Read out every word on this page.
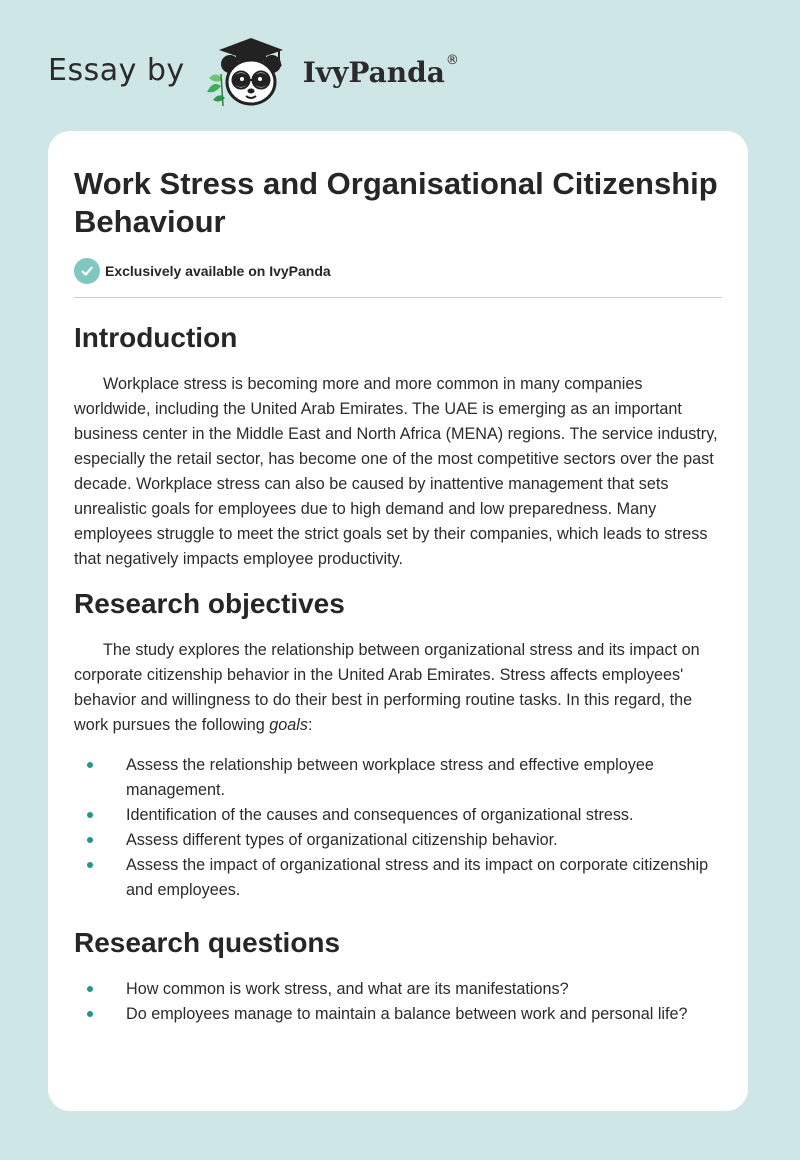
Essay by	IvyPanda ®
Work Stress and Organisational Citizenship Behaviour
Exclusively available on IvyPanda
Introduction

Workplace stress is becoming more and more common in many companies worldwide, including the United Arab Emirates. The UAE is emerging as an important business center in the Middle East and North Africa (MENA) regions. The service industry, especially the retail sector, has become one of the most competitive sectors over the past decade. Workplace stress can also be caused by inattentive management that sets unrealistic goals for employees due to high demand and low preparedness. Many employees struggle to meet the strict goals set by their companies, which leads to stress that negatively impacts employee productivity.

Research objectives

The study explores the relationship between organizational stress and its impact on corporate citizenship behavior in the United Arab Emirates. Stress affects employees' behavior and willingness to do their best in performing routine tasks. In this regard, the work pursues the following goals:

Assess the relationship between workplace stress and effective employee management.
Identification of the causes and consequences of organizational stress.
Assess different types of organizational citizenship behavior.
Assess the impact of organizational stress and its impact on corporate citizenship and employees.
Research questions
How common is work stress, and what are its manifestations?
Do employees manage to maintain a balance between work and personal life?
